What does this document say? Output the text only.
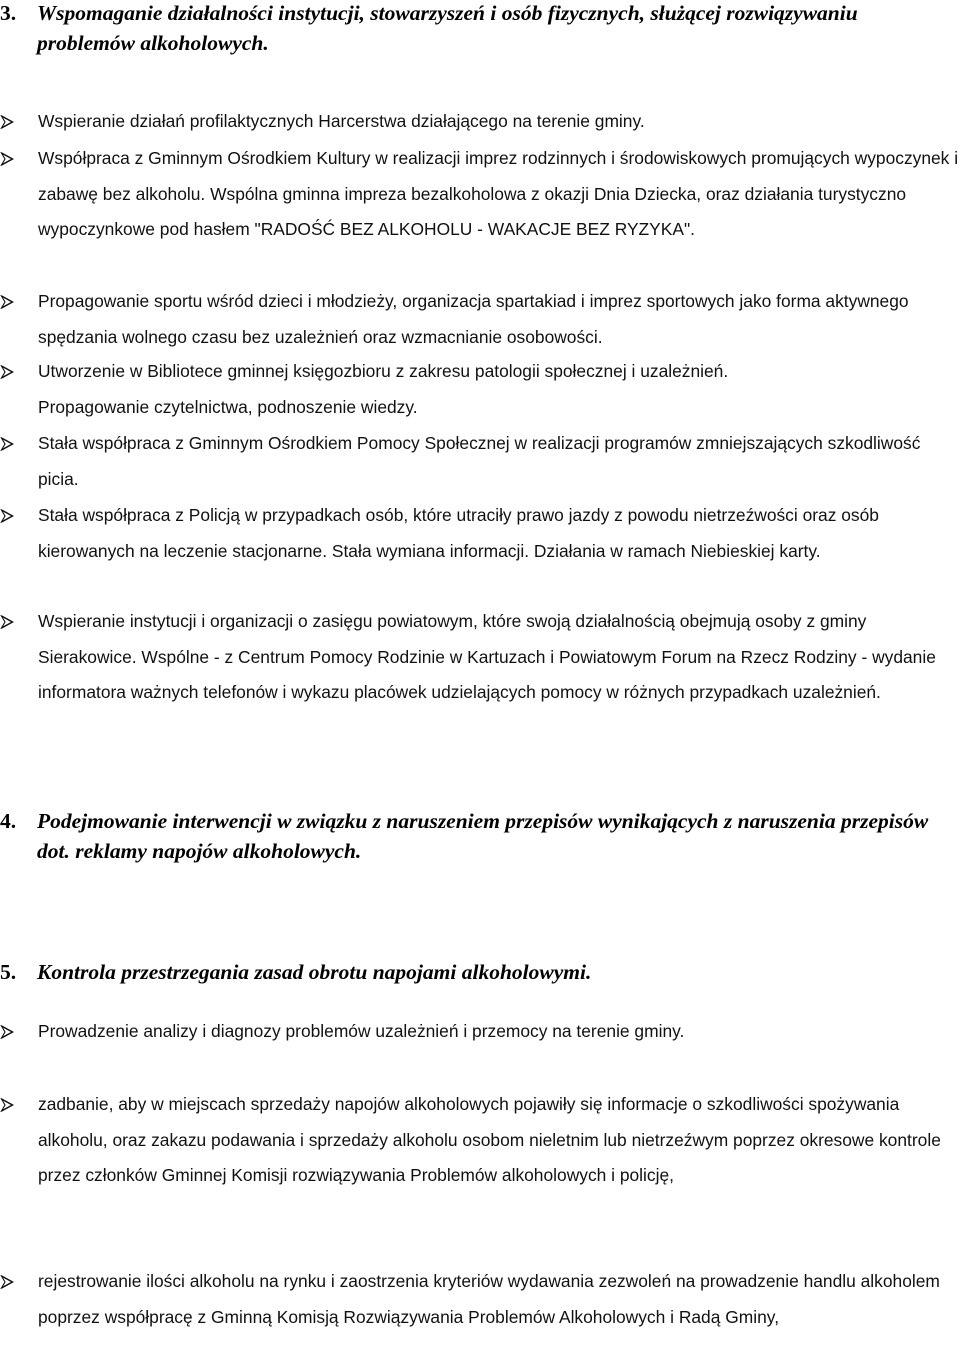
3. Wspomaganie działalności instytucji, stowarzyszeń i osób fizycznych, służącej rozwiązywaniu problemów alkoholowych.
Wspieranie działań profilaktycznych Harcerstwa działającego na terenie gminy.
Współpraca z Gminnym Ośrodkiem Kultury w realizacji imprez rodzinnych i środowiskowych promujących wypoczynek i zabawę bez alkoholu. Wspólna gminna impreza bezalkoholowa z okazji Dnia Dziecka, oraz działania turystyczno wypoczynkowe pod hasłem "RADOŚĆ BEZ ALKOHOLU - WAKACJE BEZ RYZYKA".
Propagowanie sportu wśród dzieci i młodzieży, organizacja spartakiad i imprez sportowych jako forma aktywnego spędzania wolnego czasu bez uzależnień oraz wzmacnianie osobowości.
Utworzenie w Bibliotece gminnej księgozbioru z zakresu patologii społecznej i uzależnień.
Propagowanie czytelnictwa, podnoszenie wiedzy.
Stała współpraca z Gminnym Ośrodkiem Pomocy Społecznej w realizacji programów zmniejszających szkodliwość picia.
Stała współpraca z Policją w przypadkach osób, które utraciły prawo jazdy z powodu nietrzeźwości oraz osób kierowanych na leczenie stacjonarne. Stała wymiana informacji. Działania w ramach Niebieskiej karty.
Wspieranie instytucji i organizacji o zasięgu powiatowym, które swoją działalnością obejmują osoby z gminy Sierakowice. Wspólne - z Centrum Pomocy Rodzinie w Kartuzach i Powiatowym Forum na Rzecz Rodziny - wydanie informatora ważnych telefonów i wykazu placówek udzielających pomocy w różnych przypadkach uzależnień.
4. Podejmowanie interwencji w związku z naruszeniem przepisów wynikających z naruszenia przepisów dot. reklamy napojów alkoholowych.
5. Kontrola przestrzegania zasad obrotu napojami alkoholowymi.
Prowadzenie analizy i diagnozy problemów uzależnień i przemocy na terenie gminy.
zadbanie, aby w miejscach sprzedaży napojów alkoholowych pojawiły się informacje o szkodliwości spożywania alkoholu, oraz zakazu podawania i sprzedaży alkoholu osobom nieletnim lub nietrzeźwym poprzez okresowe kontrole przez członków Gminnej Komisji rozwiązywania Problemów alkoholowych i policję,
rejestrowanie ilości alkoholu na rynku i zaostrzenia kryteriów wydawania zezwoleń na prowadzenie handlu alkoholem poprzez współpracę z Gminną Komisją Rozwiązywania Problemów Alkoholowych i Radą Gminy,
